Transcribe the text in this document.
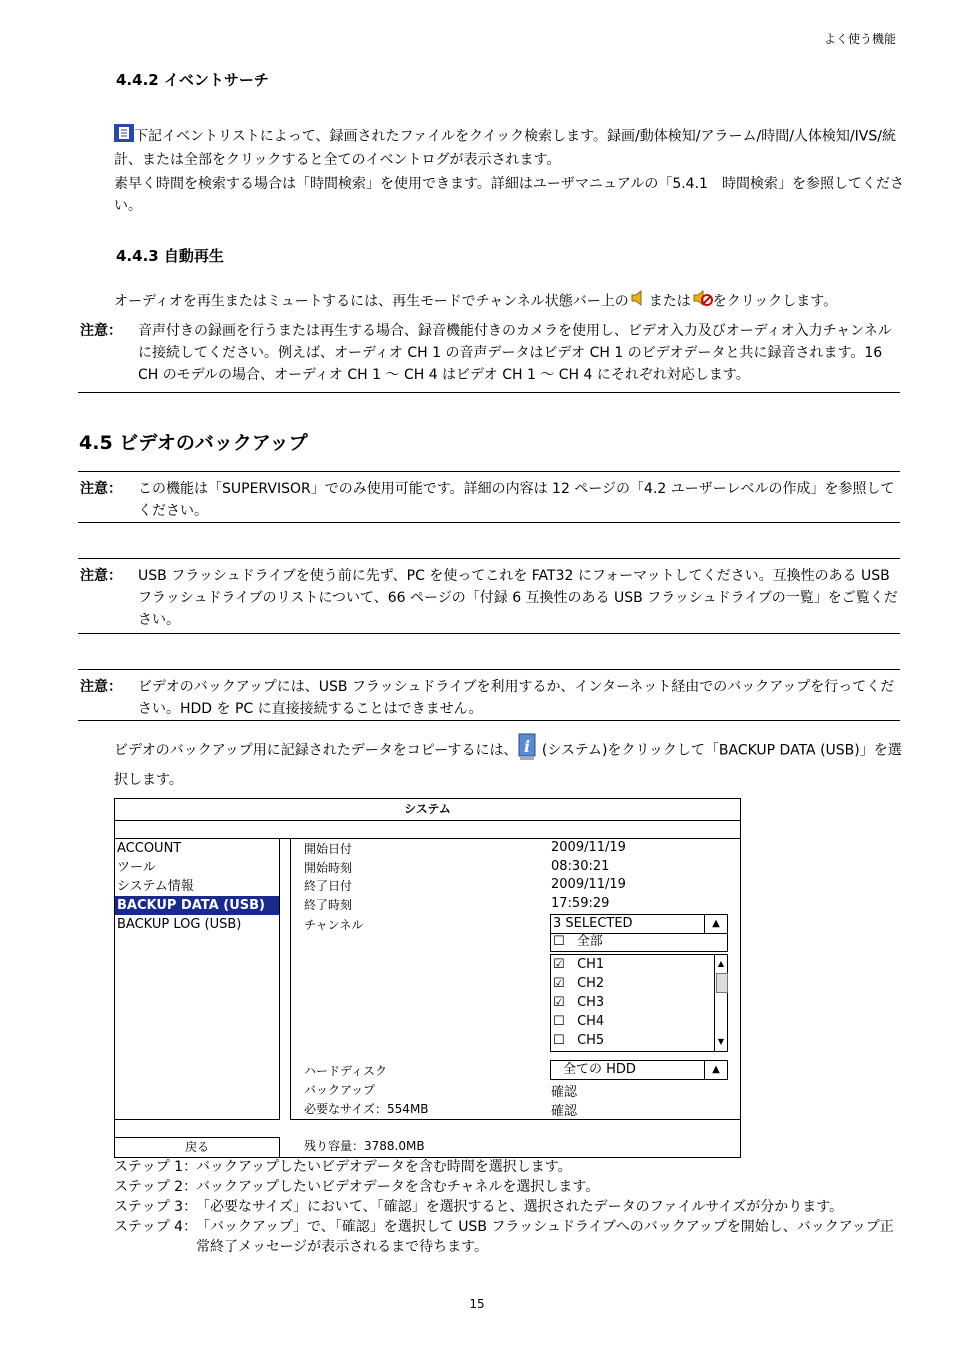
よく使う機能
4.4.2 イベントサーチ
下記イベントリストによって、録画されたファイルをクイック検索します。録画/動体検知/アラーム/時間/人体検知/IVS/統計、または全部をクリックすると全てのイベントログが表示されます。
素早く時間を検索する場合は「時間検索」を使用できます。詳細はユーザマニュアルの「5.4.1　時間検索」を参照してください。
4.4.3 自動再生
オーディオを再生またはミュートするには、再生モードでチャンネル状態バー上の または をクリックします。
注意： 音声付きの録画を行うまたは再生する場合、録音機能付きのカメラを使用し、ビデオ入力及びオーディオ入力チャンネルに接続してください。例えば、オーディオ CH 1 の音声データはビデオ CH 1 のビデオデータと共に録音されます。16 CH のモデルの場合、オーディオ CH 1 ～ CH 4 はビデオ CH 1 ～ CH 4 にそれぞれ対応します。
4.5 ビデオのバックアップ
注意： この機能は「SUPERVISOR」でのみ使用可能です。詳細の内容は 12 ページの「4.2 ユーザーレベルの作成」を参照してください。
注意： USB フラッシュドライブを使う前に先ず、PC を使ってこれを FAT32 にフォーマットしてください。互換性のある USB フラッシュドライブのリストについて、66 ページの「付録 6 互換性のある USB フラッシュドライブの一覧」をご覧ください。
注意： ビデオのバックアップには、USB フラッシュドライブを利用するか、インターネット経由でのバックアップを行ってください。HDD を PC に直接接続することはできません。
ビデオのバックアップ用に記録されたデータをコピーするには、 i (システム)をクリックして「BACKUP DATA (USB)」を選択します。
システム
ACCOUNT
ツール
システム情報
BACKUP DATA (USB)
BACKUP LOG (USB)
開始日付	2009/11/19
開始時刻	08:30:21
終了日付	2009/11/19
終了時刻	17:59:29
チャンネル	3 SELECTED	▲
☐ 全部
☑ CH1
☑ CH2
☑ CH3
☐ CH4
☐ CH5
▲
▼
ハードディスク	全ての HDD	▲
バックアップ	確認
必要なサイズ：554MB	確認
戻る	残り容量：3788.0MB
ステップ 1：
バックアップしたいビデオデータを含む時間を選択します。
ステップ 2：
バックアップしたいビデオデータを含むチャネルを選択します。
ステップ 3：
「必要なサイズ」において、「確認」を選択すると、選択されたデータのファイルサイズが分かります。
ステップ 4：
「バックアップ」で、「確認」を選択して USB フラッシュドライブへのバックアップを開始し、バックアップ正常終了メッセージが表示されるまで待ちます。
15
